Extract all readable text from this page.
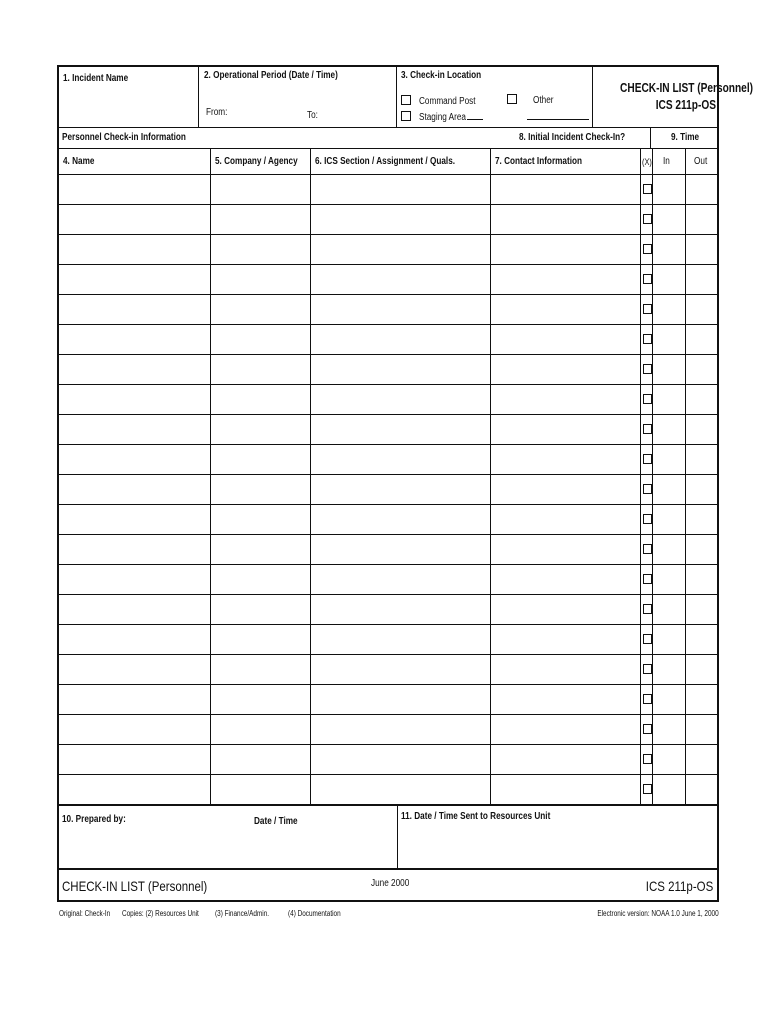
1. Incident Name	2. Operational Period (Date / Time)
From:	To:
3. Check-in Location
Command Post	Other
Staging Area
CHECK-IN LIST (Personnel)
ICS 211p-OS
Personnel Check-in Information	8. Initial Incident Check-In?	9. Time
4. Name	5. Company / Agency	6. ICS Section / Assignment / Quals.	7. Contact Information	(X)	In	Out

10. Prepared by:	Date / Time	11. Date / Time Sent to Resources Unit
CHECK-IN LIST (Personnel)	June 2000	ICS 211p-OS
Original: Check-In Copies: (2) Resources Unit (3) Finance/Admin. (4) Documentation	Electronic version: NOAA 1.0 June 1, 2000
